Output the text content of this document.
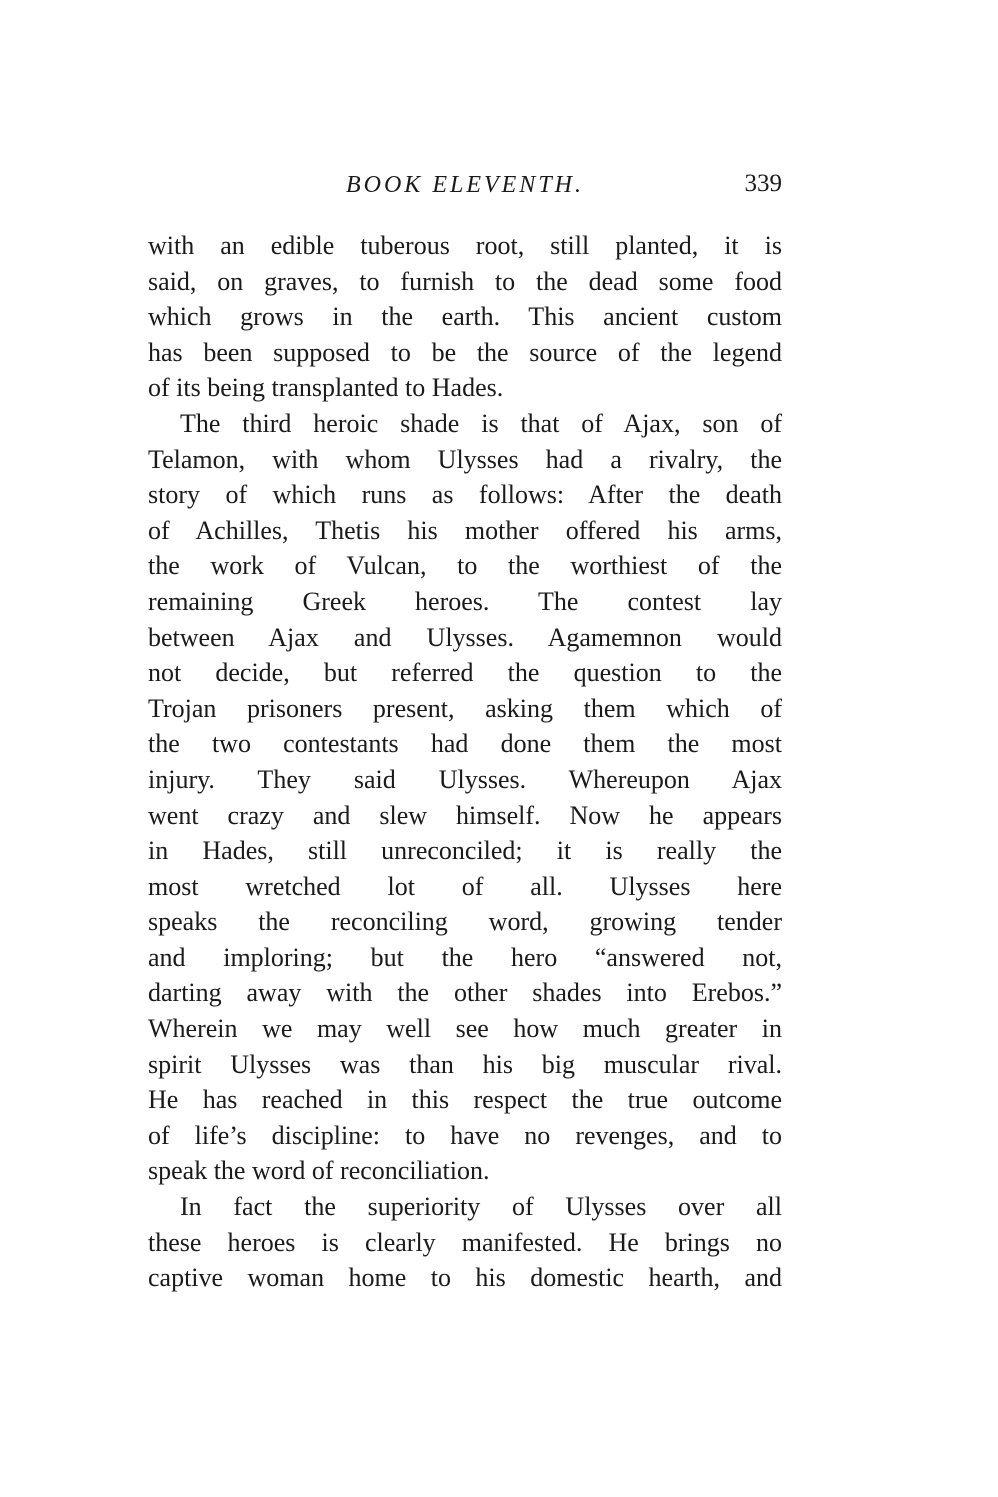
BOOK ELEVENTH.	339
with an edible tuberous root, still planted, it is
said, on graves, to furnish to the dead some food
which grows in the earth. This ancient custom
has been supposed to be the source of the legend
of its being transplanted to Hades.
The third heroic shade is that of Ajax, son of
Telamon, with whom Ulysses had a rivalry, the
story of which runs as follows: After the death
of Achilles, Thetis his mother offered his arms,
the work of Vulcan, to the worthiest of the
remaining Greek heroes. The contest lay
between Ajax and Ulysses. Agamemnon would
not decide, but referred the question to the
Trojan prisoners present, asking them which of
the two contestants had done them the most
injury. They said Ulysses. Whereupon Ajax
went crazy and slew himself. Now he appears
in Hades, still unreconciled; it is really the
most wretched lot of all. Ulysses here
speaks the reconciling word, growing tender
and imploring; but the hero “answered not,
darting away with the other shades into Erebos.”
Wherein we may well see how much greater in
spirit Ulysses was than his big muscular rival.
He has reached in this respect the true outcome
of life’s discipline: to have no revenges, and to
speak the word of reconciliation.
In fact the superiority of Ulysses over all
these heroes is clearly manifested. He brings no
captive woman home to his domestic hearth, and
